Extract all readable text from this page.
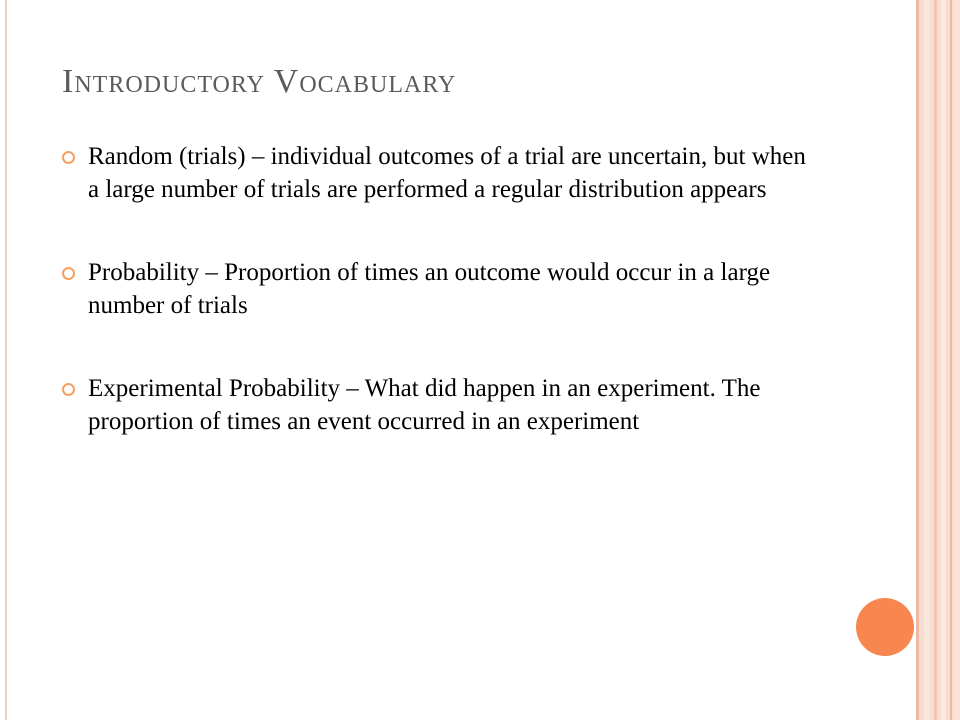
Introductory Vocabulary
Random (trials) – individual outcomes of a trial are uncertain, but when a large number of trials are performed a regular distribution appears
Probability – Proportion of times an outcome would occur in a large number of trials
Experimental Probability – What did happen in an experiment. The proportion of times an event occurred in an experiment
